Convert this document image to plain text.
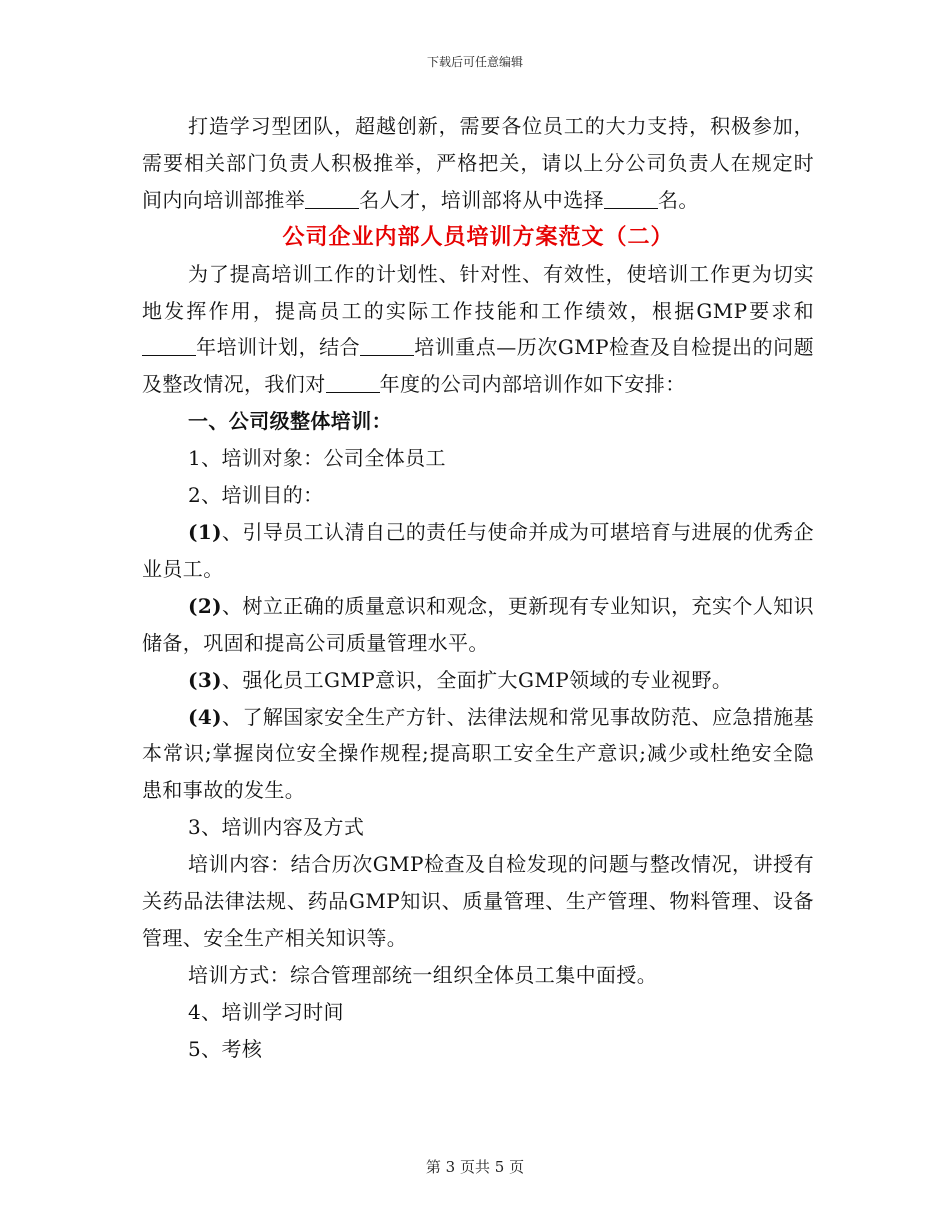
下载后可任意编辑

打造学习型团队，超越创新，需要各位员工的大力支持，积极参加，需要相关部门负责人积极推举，严格把关，请以上分公司负责人在规定时间内向培训部推举	名人才，培训部将从中选择	名。

公司企业内部人员培训方案范文（二）

为了提高培训工作的计划性、针对性、有效性，使培训工作更为切实地发挥作用，提高员工的实际工作技能和工作绩效，根据GMP要求和年培训计划，结合	培训重点—历次GMP检查及自检提出的问题及整改情况，我们对	年度的公司内部培训作如下安排：

一、公司级整体培训：

1、培训对象：公司全体员工

2、培训目的：

(1)、引导员工认清自己的责任与使命并成为可堪培育与进展的优秀企业员工。

(2)、树立正确的质量意识和观念，更新现有专业知识，充实个人知识储备，巩固和提高公司质量管理水平。

(3)、强化员工GMP意识，全面扩大GMP领域的专业视野。

(4)、了解国家安全生产方针、法律法规和常见事故防范、应急措施基本常识;掌握岗位安全操作规程;提高职工安全生产意识;减少或杜绝安全隐患和事故的发生。

3、培训内容及方式

培训内容：结合历次GMP检查及自检发现的问题与整改情况，讲授有关药品法律法规、药品GMP知识、质量管理、生产管理、物料管理、设备管理、安全生产相关知识等。

培训方式：综合管理部统一组织全体员工集中面授。

4、培训学习时间

5、考核

第 3 页共 5 页
